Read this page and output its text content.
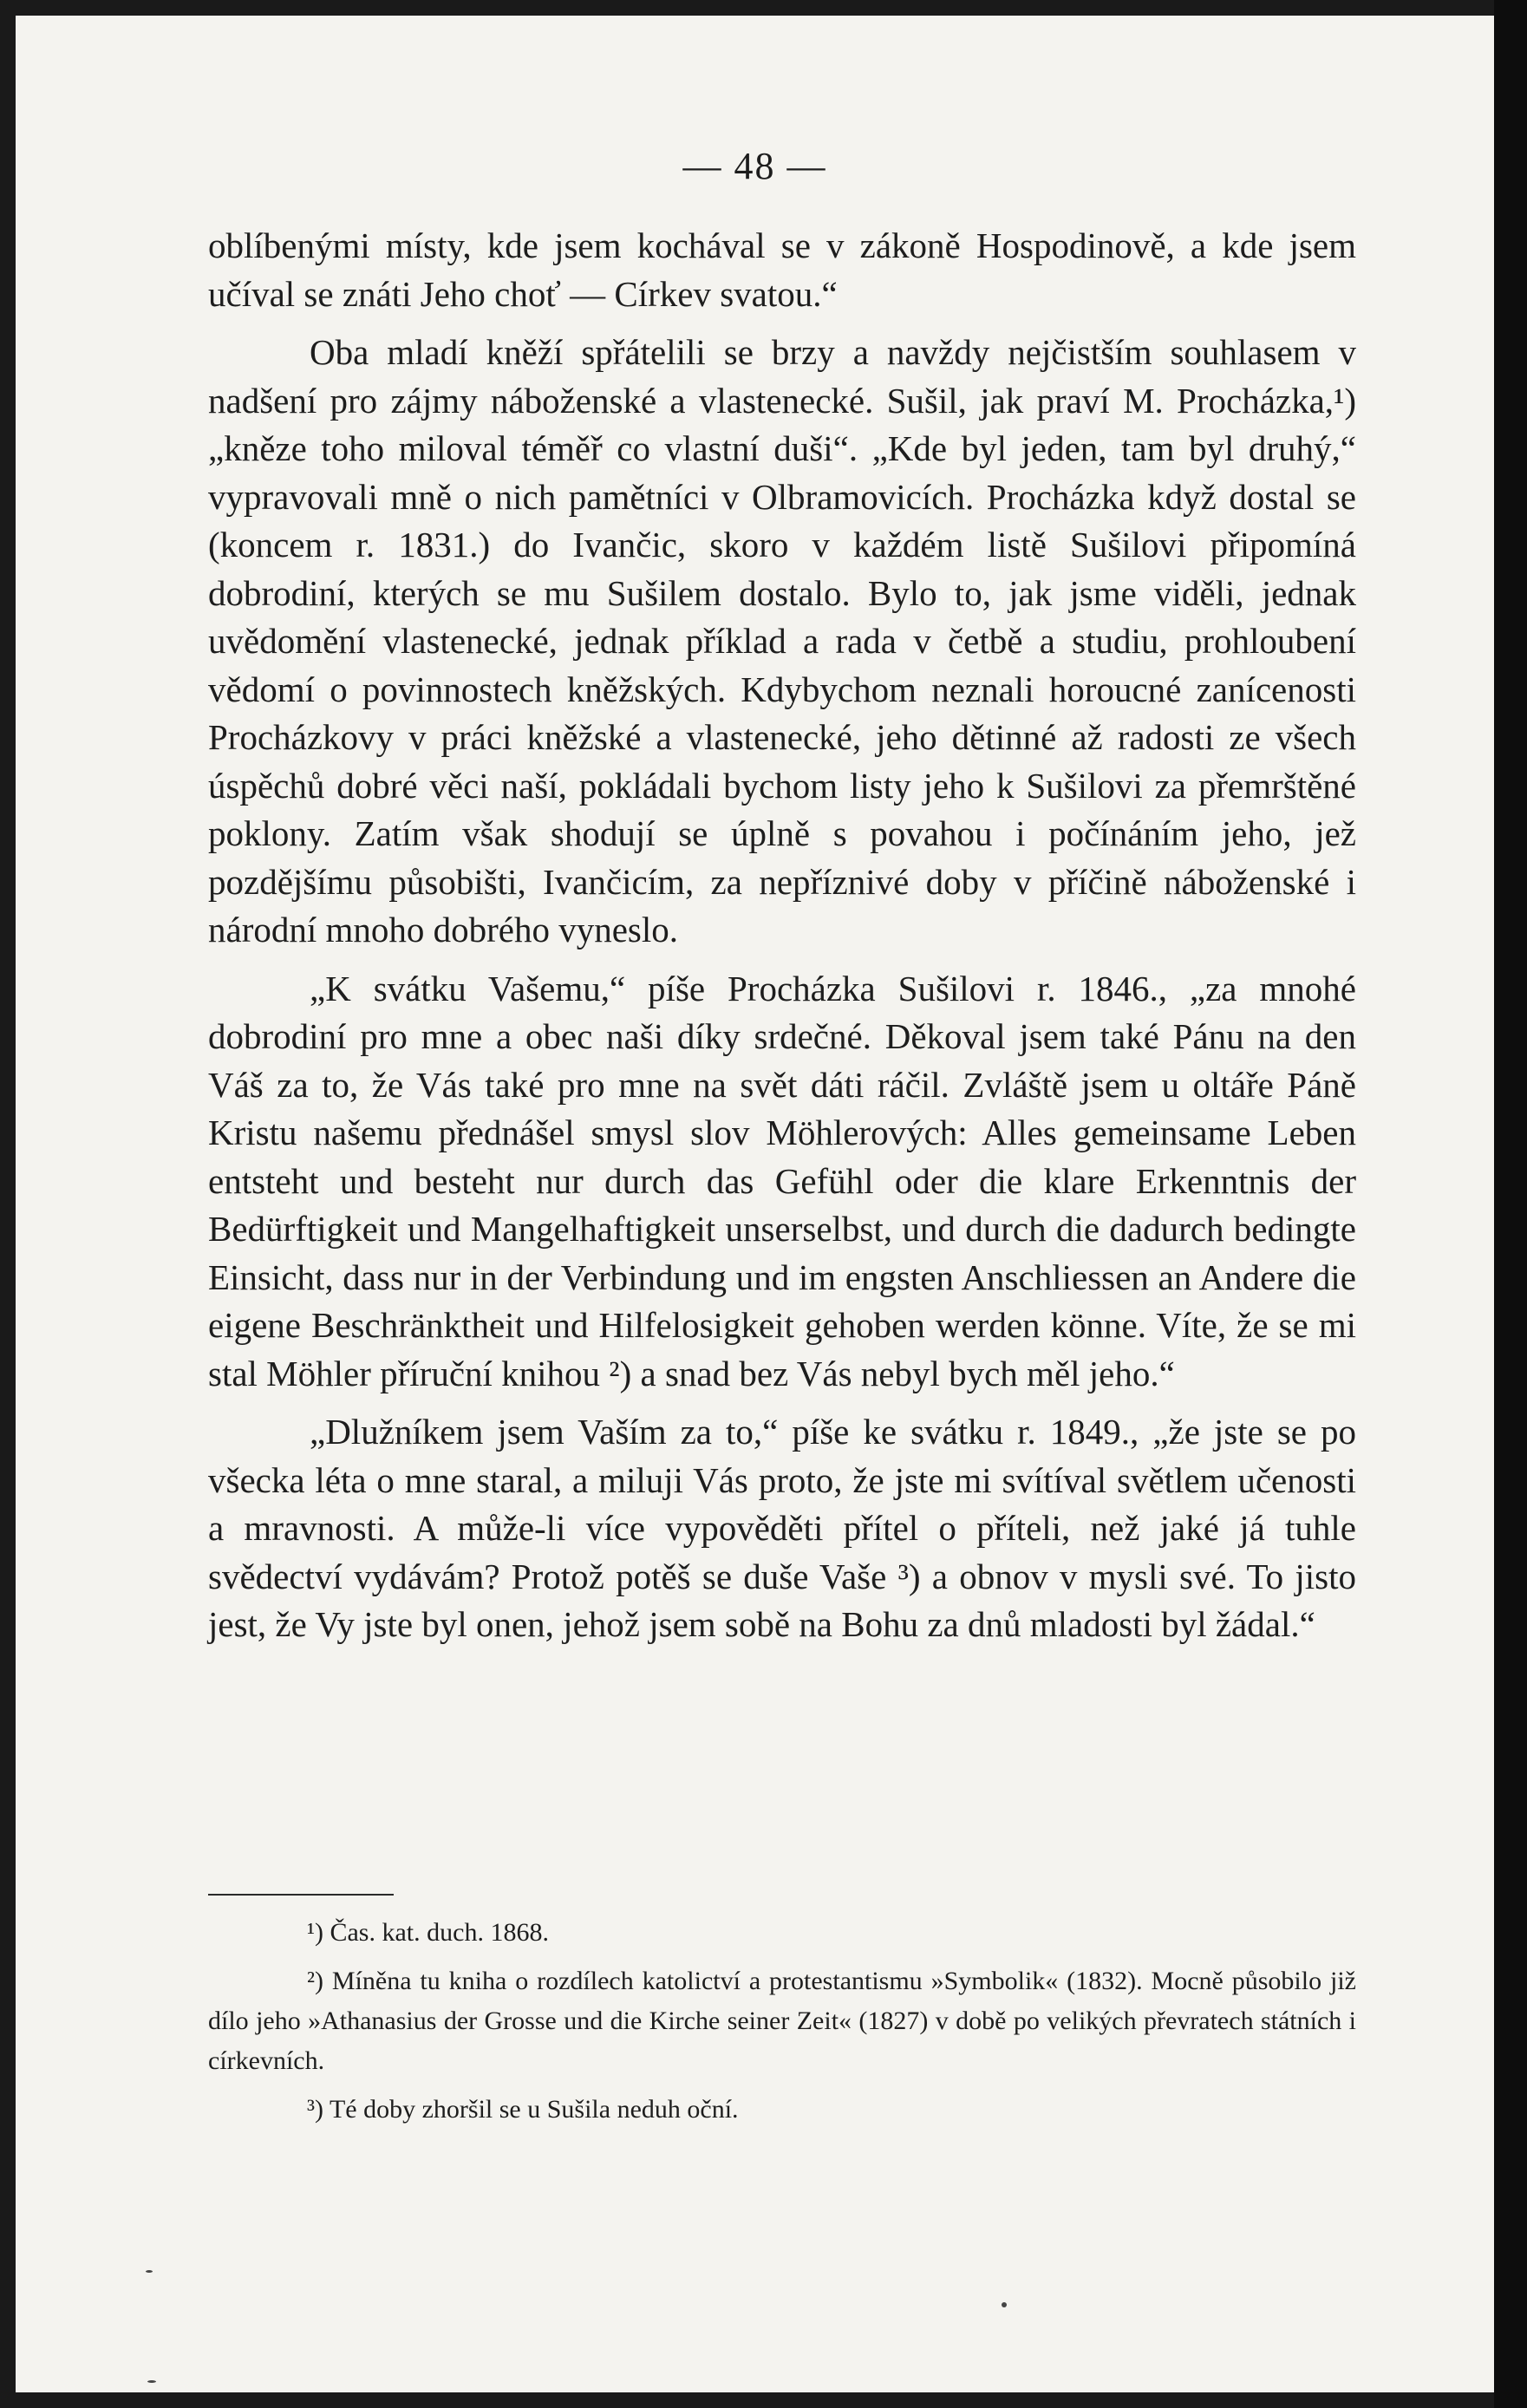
— 48 —

oblíbenými místy, kde jsem kochával se v zákoně Hospodinově, a kde jsem učíval se znáti Jeho choť — Církev svatou.“

Oba mladí kněží spřátelili se brzy a navždy nejčistším souhlasem v nadšení pro zájmy náboženské a vlastenecké. Sušil, jak praví M. Procházka,¹) „kněze toho miloval téměř co vlastní duši“. „Kde byl jeden, tam byl druhý,“ vypravovali mně o nich pamětníci v Olbramovicích. Procházka když dostal se (koncem r. 1831.) do Ivančic, skoro v každém listě Sušilovi připomíná dobrodiní, kterých se mu Sušilem dostalo. Bylo to, jak jsme viděli, jednak uvědomění vlastenecké, jednak příklad a rada v četbě a studiu, prohloubení vědomí o povinnostech kněžských. Kdybychom neznali horoucné zanícenosti Procházkovy v práci kněžské a vlastenecké, jeho dětinné až radosti ze všech úspěchů dobré věci naší, pokládali bychom listy jeho k Sušilovi za přemrštěné poklony. Zatím však shodují se úplně s povahou i počínáním jeho, jež pozdějšímu působišti, Ivančicím, za nepříznivé doby v příčině náboženské i národní mnoho dobrého vyneslo.

„K svátku Vašemu,“ píše Procházka Sušilovi r. 1846., „za mnohé dobrodiní pro mne a obec naši díky srdečné. Děkoval jsem také Pánu na den Váš za to, že Vás také pro mne na svět dáti ráčil. Zvláště jsem u oltáře Páně Kristu našemu přednášel smysl slov Möhlerových: Alles gemeinsame Leben entsteht und besteht nur durch das Gefühl oder die klare Erkenntnis der Bedürftigkeit und Mangelhaftigkeit unserselbst, und durch die dadurch bedingte Einsicht, dass nur in der Verbindung und im engsten Anschliessen an Andere die eigene Beschränktheit und Hilfelosigkeit gehoben werden könne. Víte, že se mi stal Möhler příruční knihou ²) a snad bez Vás nebyl bych měl jeho.“

„Dlužníkem jsem Vaším za to,“ píše ke svátku r. 1849., „že jste se po všecka léta o mne staral, a miluji Vás proto, že jste mi svítíval světlem učenosti a mravnosti. A může-li více vypověděti přítel o příteli, než jaké já tuhle svědectví vydávám? Protož potěš se duše Vaše ³) a obnov v mysli své. To jisto jest, že Vy jste byl onen, jehož jsem sobě na Bohu za dnů mladosti byl žádal.“

¹) Čas. kat. duch. 1868.

²) Míněna tu kniha o rozdílech katolictví a protestantismu »Symbolik« (1832). Mocně působilo již dílo jeho »Athanasius der Grosse und die Kirche seiner Zeit« (1827) v době po velikých převratech státních i církevních.

³) Té doby zhoršil se u Sušila neduh oční.
